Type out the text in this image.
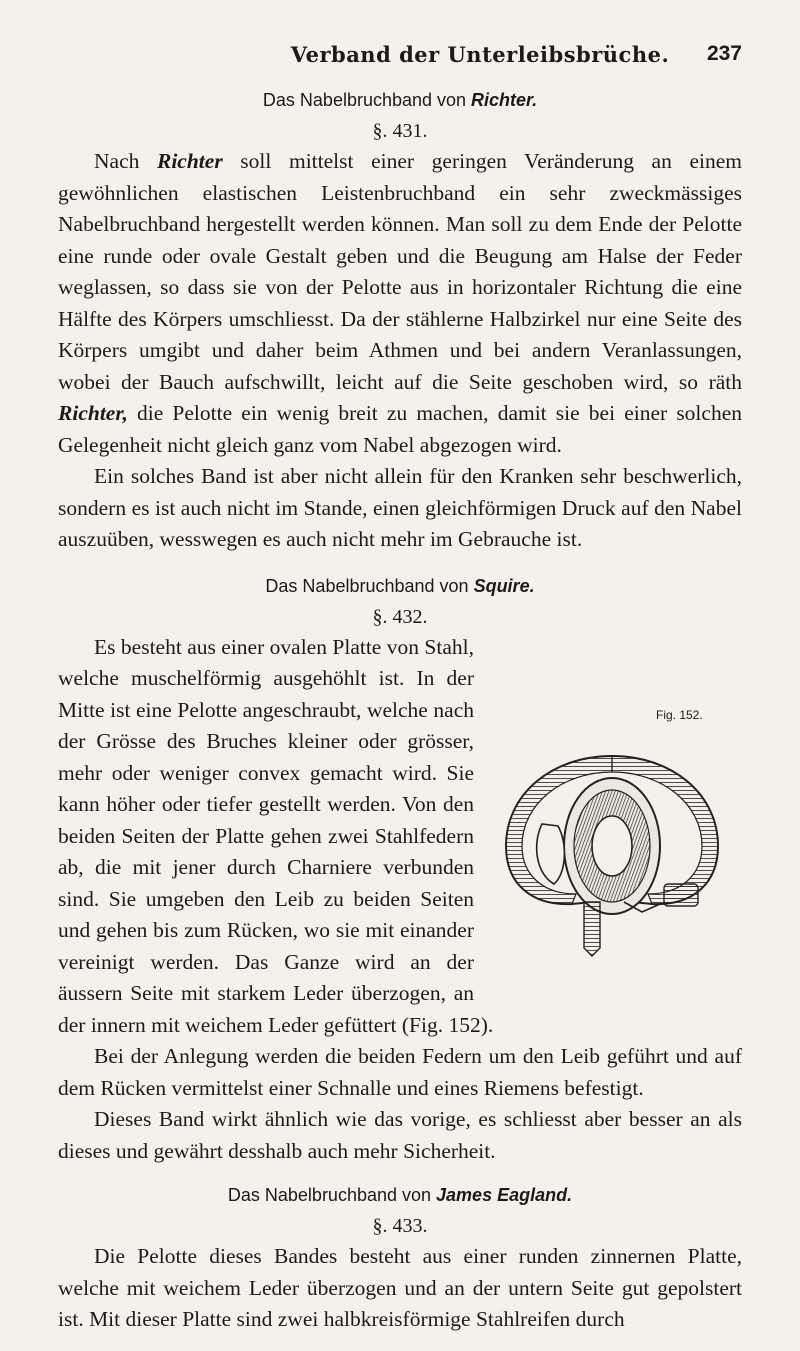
Verband der Unterleibsbrüche.	237
Das Nabelbruchband von Richter.
§. 431.

Nach Richter soll mittelst einer geringen Veränderung an einem gewöhnlichen elastischen Leistenbruchband ein sehr zweckmässiges Nabelbruchband hergestellt werden können. Man soll zu dem Ende der Pelotte eine runde oder ovale Gestalt geben und die Beugung am Halse der Feder weglassen, so dass sie von der Pelotte aus in horizontaler Richtung die eine Hälfte des Körpers umschliesst. Da der stählerne Halbzirkel nur eine Seite des Körpers umgibt und daher beim Athmen und bei andern Veranlassungen, wobei der Bauch aufschwillt, leicht auf die Seite geschoben wird, so räth Richter, die Pelotte ein wenig breit zu machen, damit sie bei einer solchen Gelegenheit nicht gleich ganz vom Nabel abgezogen wird.

Ein solches Band ist aber nicht allein für den Kranken sehr beschwerlich, sondern es ist auch nicht im Stande, einen gleichförmigen Druck auf den Nabel auszuüben, wesswegen es auch nicht mehr im Gebrauche ist.

Das Nabelbruchband von Squire.
§. 432.

Fig. 152.
Es besteht aus einer ovalen Platte von Stahl, welche muschelförmig ausgehöhlt ist. In der Mitte ist eine Pelotte angeschraubt, welche nach der Grösse des Bruches kleiner oder grösser, mehr oder weniger convex gemacht wird. Sie kann höher oder tiefer gestellt werden. Von den beiden Seiten der Platte gehen zwei Stahlfedern ab, die mit jener durch Charniere verbunden sind. Sie umgeben den Leib zu beiden Seiten und gehen bis zum Rücken, wo sie mit einander vereinigt werden. Das Ganze wird an der äussern Seite mit starkem Leder überzogen, an der innern mit weichem Leder gefüttert (Fig. 152).

Bei der Anlegung werden die beiden Federn um den Leib geführt und auf dem Rücken vermittelst einer Schnalle und eines Riemens befestigt.

Dieses Band wirkt ähnlich wie das vorige, es schliesst aber besser an als dieses und gewährt desshalb auch mehr Sicherheit.

Das Nabelbruchband von James Eagland.
§. 433.

Die Pelotte dieses Bandes besteht aus einer runden zinnernen Platte, welche mit weichem Leder überzogen und an der untern Seite gut gepolstert ist. Mit dieser Platte sind zwei halbkreisförmige Stahlreifen durch
